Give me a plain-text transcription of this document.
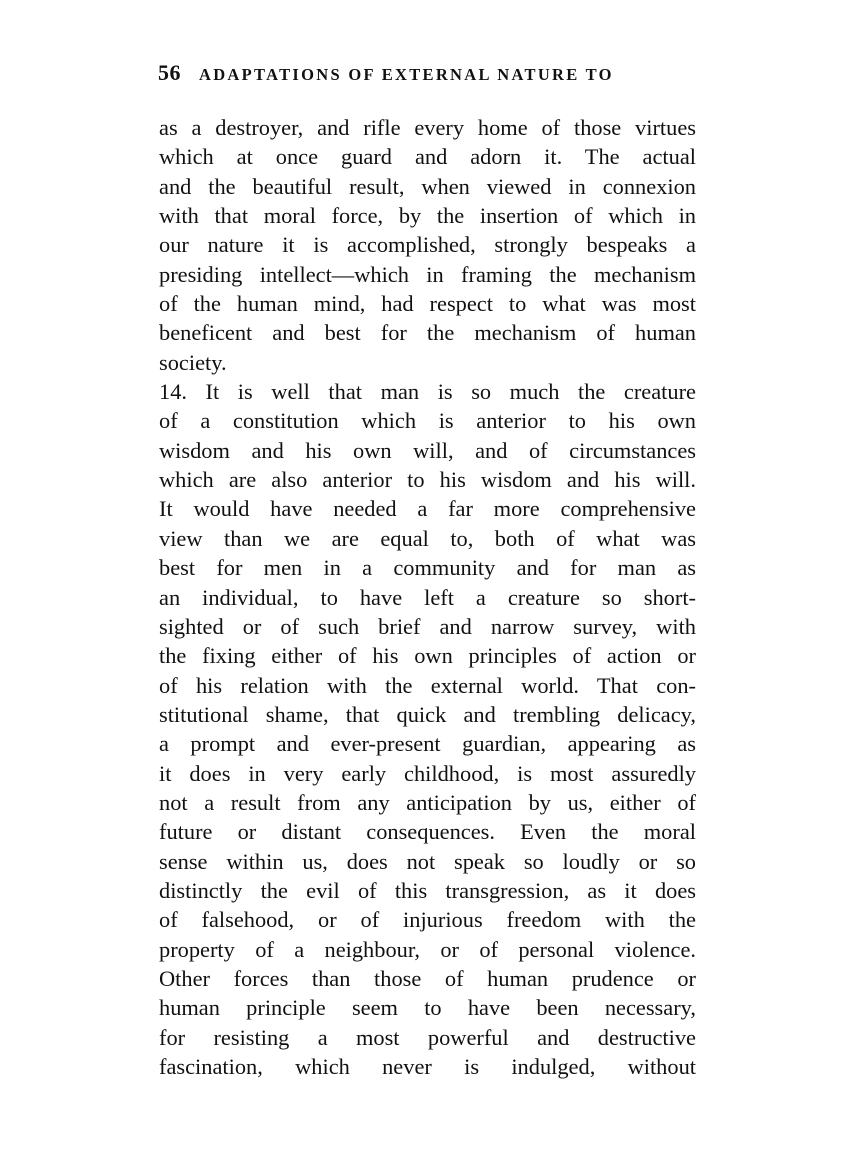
56 ADAPTATIONS OF EXTERNAL NATURE TO
as a destroyer, and rifle every home of those virtues
which at once guard and adorn it. The actual
and the beautiful result, when viewed in connexion
with that moral force, by the insertion of which in
our nature it is accomplished, strongly bespeaks a
presiding intellect—which in framing the mechanism
of the human mind, had respect to what was most
beneficent and best for the mechanism of human
society.
14. It is well that man is so much the creature
of a constitution which is anterior to his own
wisdom and his own will, and of circumstances
which are also anterior to his wisdom and his will.
It would have needed a far more comprehensive
view than we are equal to, both of what was
best for men in a community and for man as
an individual, to have left a creature so short-
sighted or of such brief and narrow survey, with
the fixing either of his own principles of action or
of his relation with the external world. That con-
stitutional shame, that quick and trembling delicacy,
a prompt and ever-present guardian, appearing as
it does in very early childhood, is most assuredly
not a result from any anticipation by us, either of
future or distant consequences. Even the moral
sense within us, does not speak so loudly or so
distinctly the evil of this transgression, as it does
of falsehood, or of injurious freedom with the
property of a neighbour, or of personal violence.
Other forces than those of human prudence or
human principle seem to have been necessary,
for resisting a most powerful and destructive
fascination, which never is indulged, without
